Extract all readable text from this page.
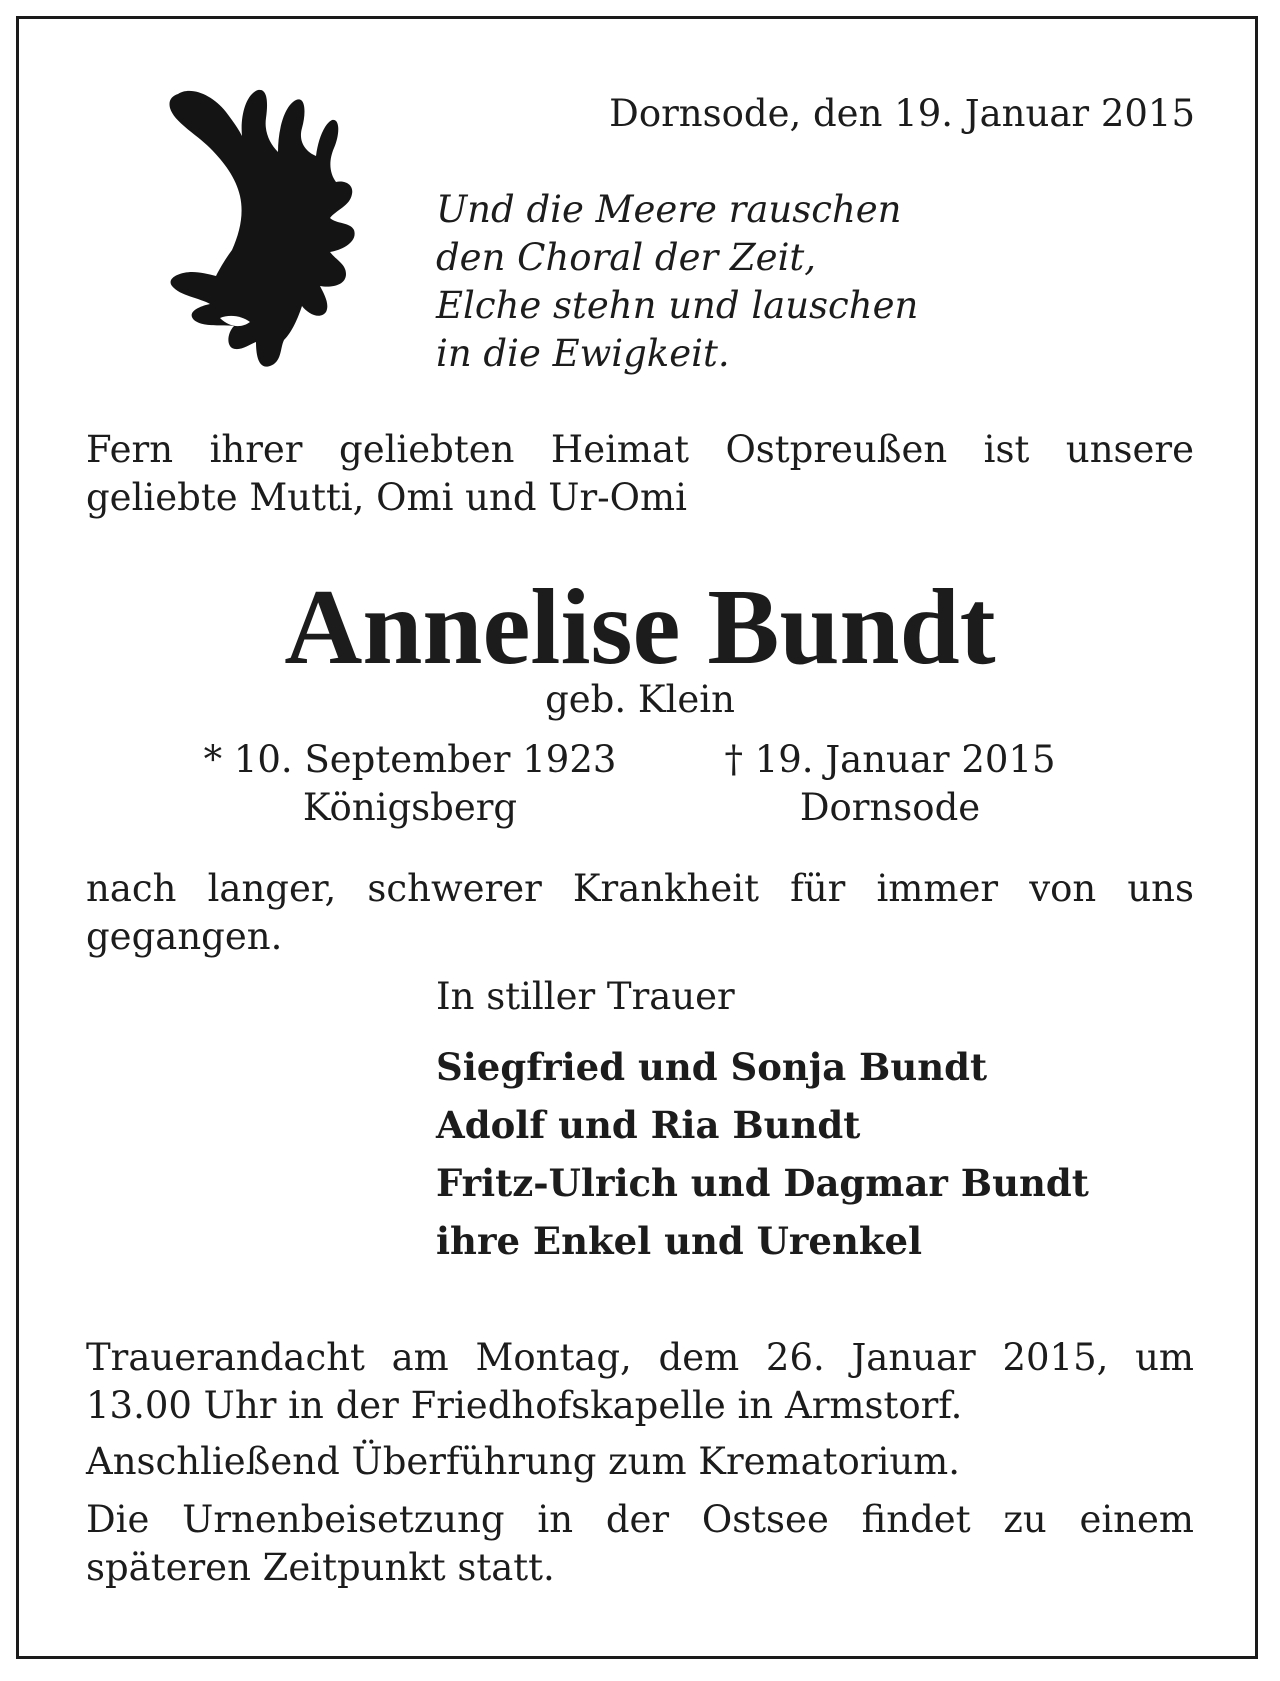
Dornsode, den 19. Januar 2015
Und die Meere rauschen
den Choral der Zeit,
Elche stehn und lauschen
in die Ewigkeit.
Fern ihrer geliebten Heimat Ostpreußen ist unsere
geliebte Mutti, Omi und Ur-Omi
Annelise Bundt
geb. Klein
* 10. September 1923
Königsberg
† 19. Januar 2015
Dornsode
nach langer, schwerer Krankheit für immer von uns
gegangen.
In stiller Trauer
Siegfried und Sonja Bundt
Adolf und Ria Bundt
Fritz-Ulrich und Dagmar Bundt
ihre Enkel und Urenkel
Trauerandacht am Montag, dem 26. Januar 2015, um
13.00 Uhr in der Friedhofskapelle in Armstorf.
Anschließend Überführung zum Krematorium.
Die Urnenbeisetzung in der Ostsee findet zu einem
späteren Zeitpunkt statt.
